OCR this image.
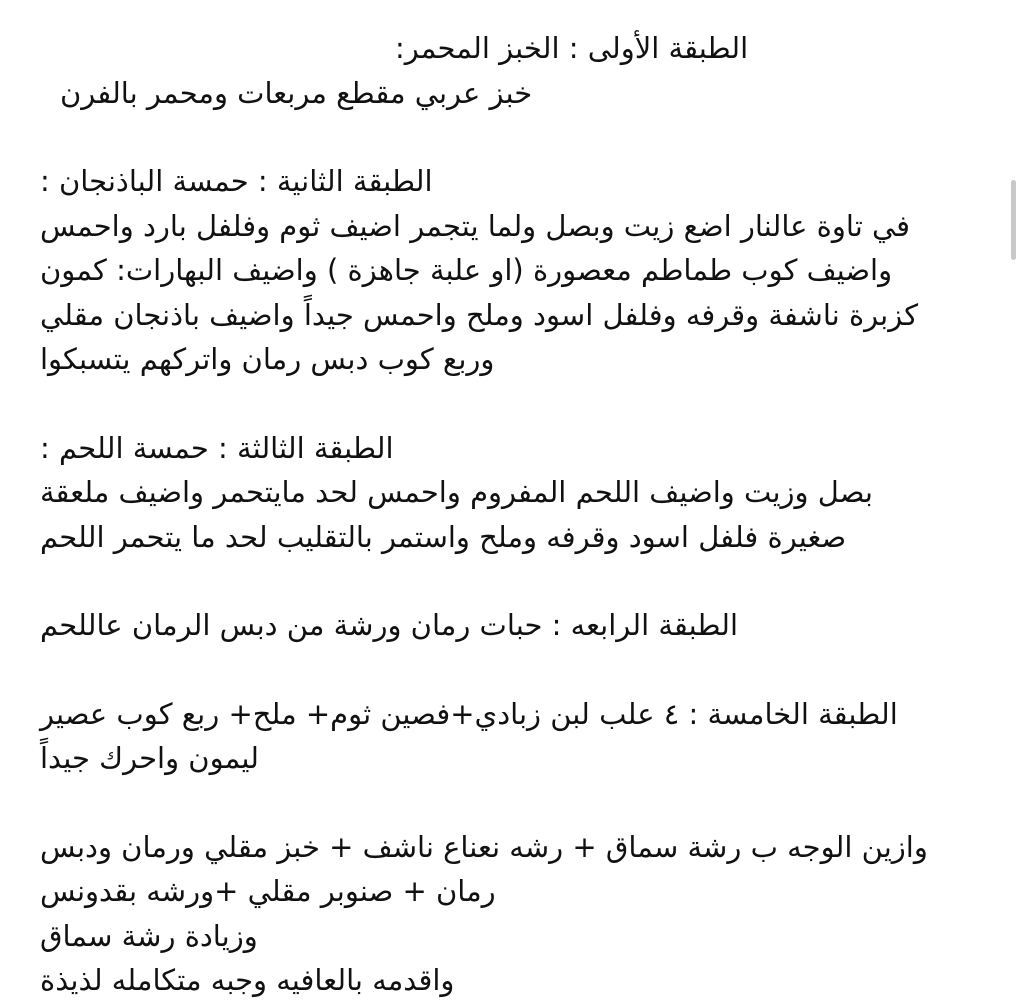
الطبقة الأولى : الخبز المحمر:
خبز عربي مقطع مربعات ومحمر بالفرن
الطبقة الثانية : حمسة الباذنجان :
في تاوة عالنار اضع زيت وبصل ولما يتجمر اضيف ثوم وفلفل بارد واحمس
واضيف كوب طماطم معصورة (او علبة جاهزة ) واضيف البهارات: كمون
كزبرة ناشفة وقرفه وفلفل اسود وملح واحمس جيداً واضيف باذنجان مقلي
وربع كوب دبس رمان واتركهم يتسبكوا
الطبقة الثالثة : حمسة اللحم :
بصل وزيت واضيف اللحم المفروم واحمس لحد مايتحمر واضيف ملعقة
صغيرة فلفل اسود وقرفه وملح واستمر بالتقليب لحد ما يتحمر اللحم
الطبقة الرابعه : حبات رمان ورشة من دبس الرمان عاللحم
الطبقة الخامسة : ٤ علب لبن زبادي+فصين ثوم+ ملح+ ربع كوب عصير
ليمون واحرك جيداً
وازين الوجه ب رشة سماق + رشه نعناع ناشف + خبز مقلي ورمان ودبس
رمان + صنوبر مقلي +ورشه بقدونس
وزيادة رشة سماق
واقدمه بالعافيه وجبه متكامله لذيذة
